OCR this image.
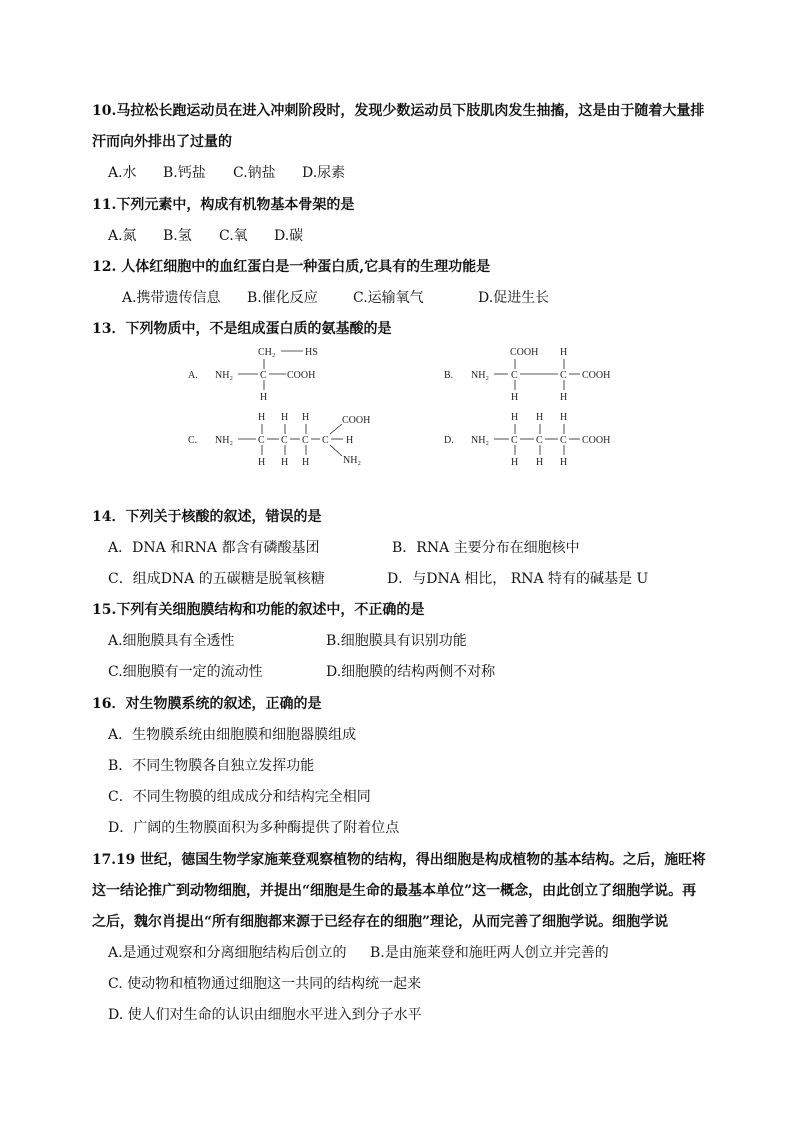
10.马拉松长跑运动员在进入冲刺阶段时，发现少数运动员下肢肌肉发生抽搐，这是由于随着大量排
汗而向外排出了过量的
A.水 B.钙盐 C.钠盐 D.尿素
11.下列元素中，构成有机物基本骨架的是
A.氮 B.氢 C.氧 D.碳
12. 人体红细胞中的血红蛋白是一种蛋白质,它具有的生理功能是
A.携带遗传信息 B.催化反应	C.运输氧气	D.促进生长
13．下列物质中，不是组成蛋白质的氨基酸的是
A.
CH₂	HS
NH₂	C COOH
H
B.
COOH H
NH₂ C	C COOH
H	H
C.
H H H	COOH
NH₂	C C C C H
H H H	NH₂
D.
H H H
NH₂ C C C COOH
H H H
14．下列关于核酸的叙述，错误的是
A．DNA 和RNA 都含有磷酸基团	B．RNA 主要分布在细胞核中
C．组成DNA 的五碳糖是脱氧核糖	D．与DNA 相比， RNA 特有的碱基是 U
15.下列有关细胞膜结构和功能的叙述中，不正确的是
A.细胞膜具有全透性	B.细胞膜具有识别功能
C.细胞膜有一定的流动性	D.细胞膜的结构两侧不对称
16．对生物膜系统的叙述，正确的是
A．生物膜系统由细胞膜和细胞器膜组成
B．不同生物膜各自独立发挥功能
C．不同生物膜的组成成分和结构完全相同
D．广阔的生物膜面积为多种酶提供了附着位点
17.19 世纪，德国生物学家施莱登观察植物的结构，得出细胞是构成植物的基本结构。之后，施旺将
这一结论推广到动物细胞，并提出“细胞是生命的最基本单位”这一概念，由此创立了细胞学说。再
之后，魏尔肖提出“所有细胞都来源于已经存在的细胞”理论，从而完善了细胞学说。细胞学说
A.是通过观察和分离细胞结构后创立的 B.是由施莱登和施旺两人创立并完善的
C. 使动物和植物通过细胞这一共同的结构统一起来
D. 使人们对生命的认识由细胞水平进入到分子水平
